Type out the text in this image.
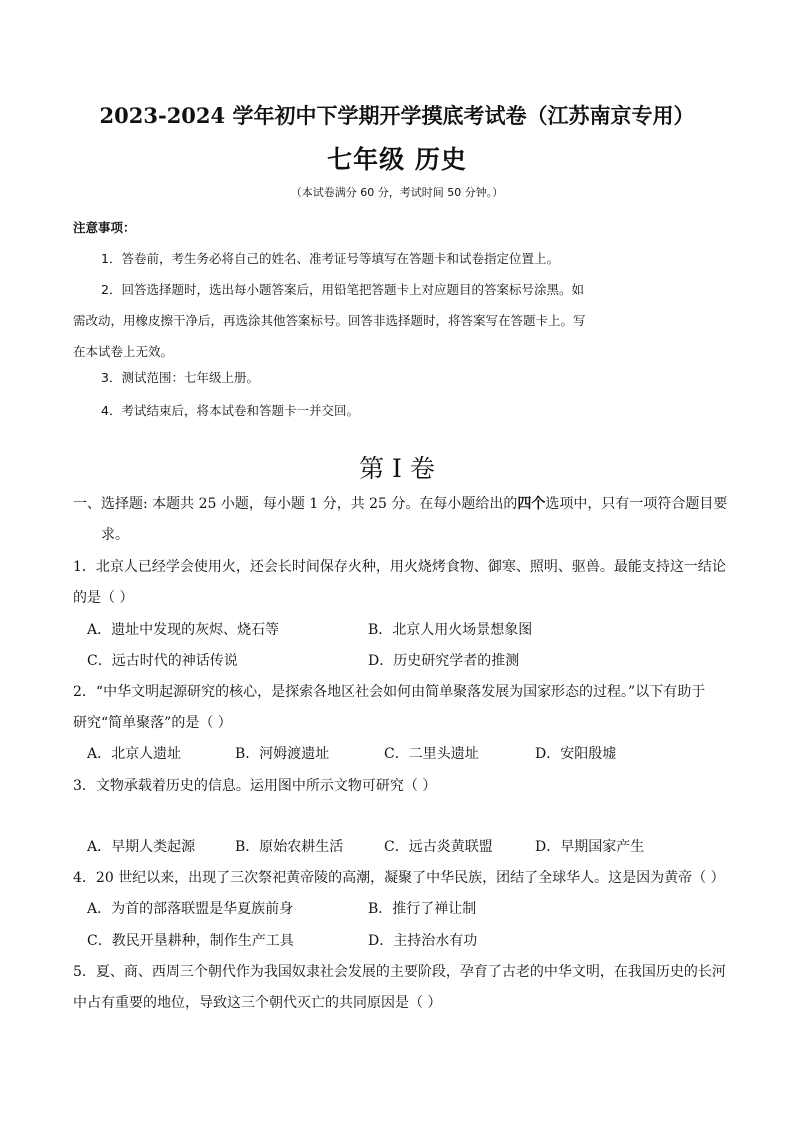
2023-2024 学年初中下学期开学摸底考试卷（江苏南京专用）
七年级 历史
（本试卷满分 60 分，考试时间 50 分钟。）
注意事项：
1．答卷前，考生务必将自己的姓名、准考证号等填写在答题卡和试卷指定位置上。
2．回答选择题时，选出每小题答案后，用铅笔把答题卡上对应题目的答案标号涂黑。如
需改动，用橡皮擦干净后，再选涂其他答案标号。回答非选择题时，将答案写在答题卡上。写
在本试卷上无效。
3．测试范围：七年级上册。
4．考试结束后，将本试卷和答题卡一并交回。
第 I 卷
一、选择题: 本题共 25 小题，每小题 1 分，共 25 分。在每小题给出的四个选项中，只有一项符合题目要
求。
1．北京人已经学会使用火，还会长时间保存火种，用火烧烤食物、御寒、照明、驱兽。最能支持这一结论
的是（ ）
A．遗址中发现的灰烬、烧石等	B．北京人用火场景想象图
C．远古时代的神话传说	D．历史研究学者的推测
2．“中华文明起源研究的核心，是探索各地区社会如何由简单聚落发展为国家形态的过程。”以下有助于
研究“简单聚落”的是（ ）
A．北京人遗址	B．河姆渡遗址	C．二里头遗址	D．安阳殷墟
3．文物承载着历史的信息。运用图中所示文物可研究（ ）
A．早期人类起源	B．原始农耕生活	C．远古炎黄联盟	D．早期国家产生
4．20 世纪以来，出现了三次祭祀黄帝陵的高潮，凝聚了中华民族，团结了全球华人。这是因为黄帝（ ）
A．为首的部落联盟是华夏族前身	B．推行了禅让制
C．教民开垦耕种，制作生产工具	D．主持治水有功
5．夏、商、西周三个朝代作为我国奴隶社会发展的主要阶段，孕育了古老的中华文明，在我国历史的长河
中占有重要的地位，导致这三个朝代灭亡的共同原因是（ ）
